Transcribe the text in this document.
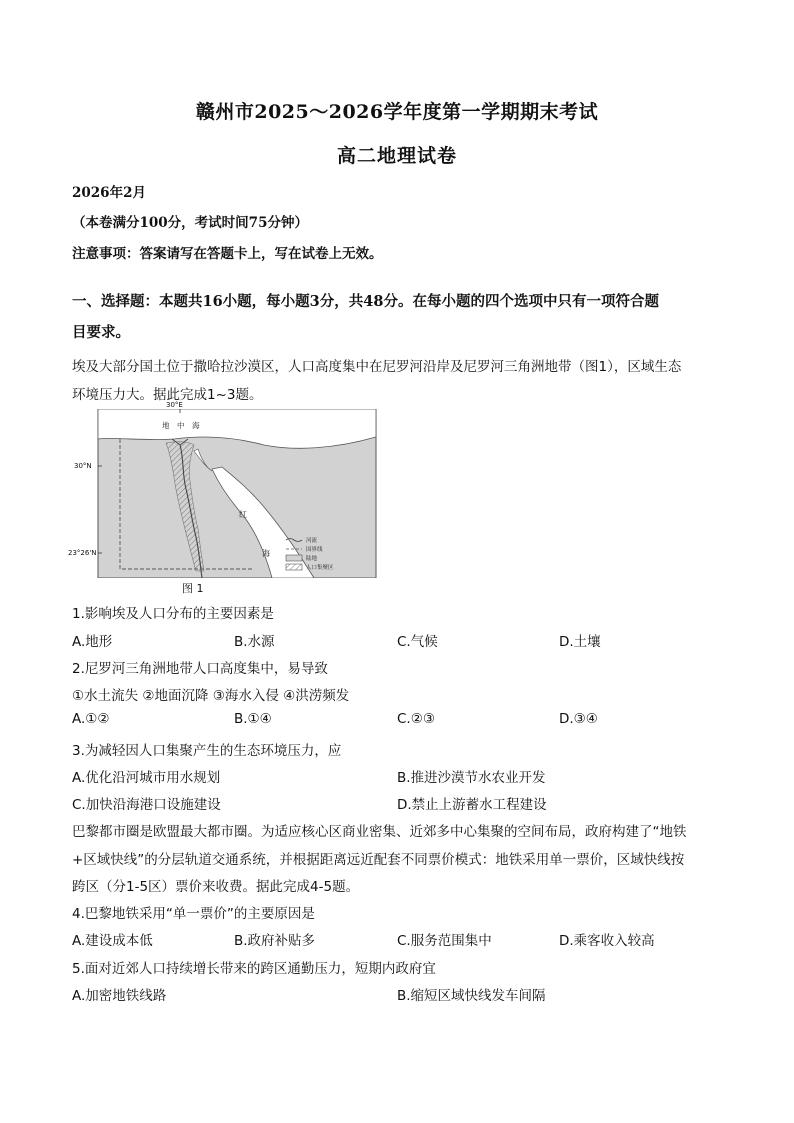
赣州市2025～2026学年度第一学期期末考试
高二地理试卷
2026年2月
（本卷满分100分，考试时间75分钟）
注意事项：答案请写在答题卡上，写在试卷上无效。
一、选择题：本题共16小题，每小题3分，共48分。在每小题的四个选项中只有一项符合题
目要求。
埃及大部分国土位于撒哈拉沙漠区，人口高度集中在尼罗河沿岸及尼罗河三角洲地带（图1），区域生态
环境压力大。据此完成1~3题。
地　中　海
红
海
河流
国界线
陆地
人口集聚区
30°E
30°N
23°26'N
图 1
1.影响埃及人口分布的主要因素是
A.地形	B.水源	C.气候	D.土壤
2.尼罗河三角洲地带人口高度集中，易导致
①水土流失 ②地面沉降 ③海水入侵 ④洪涝频发
A.①②	B.①④	C.②③	D.③④
3.为减轻因人口集聚产生的生态环境压力，应
A.优化沿河城市用水规划	B.推进沙漠节水农业开发
C.加快沿海港口设施建设	D.禁止上游蓄水工程建设
巴黎都市圈是欧盟最大都市圈。为适应核心区商业密集、近郊多中心集聚的空间布局，政府构建了“地铁
+区域快线”的分层轨道交通系统，并根据距离远近配套不同票价模式：地铁采用单一票价，区域快线按
跨区（分1-5区）票价来收费。据此完成4-5题。
4.巴黎地铁采用“单一票价”的主要原因是
A.建设成本低	B.政府补贴多	C.服务范围集中	D.乘客收入较高
5.面对近郊人口持续增长带来的跨区通勤压力，短期内政府宜
A.加密地铁线路	B.缩短区域快线发车间隔
